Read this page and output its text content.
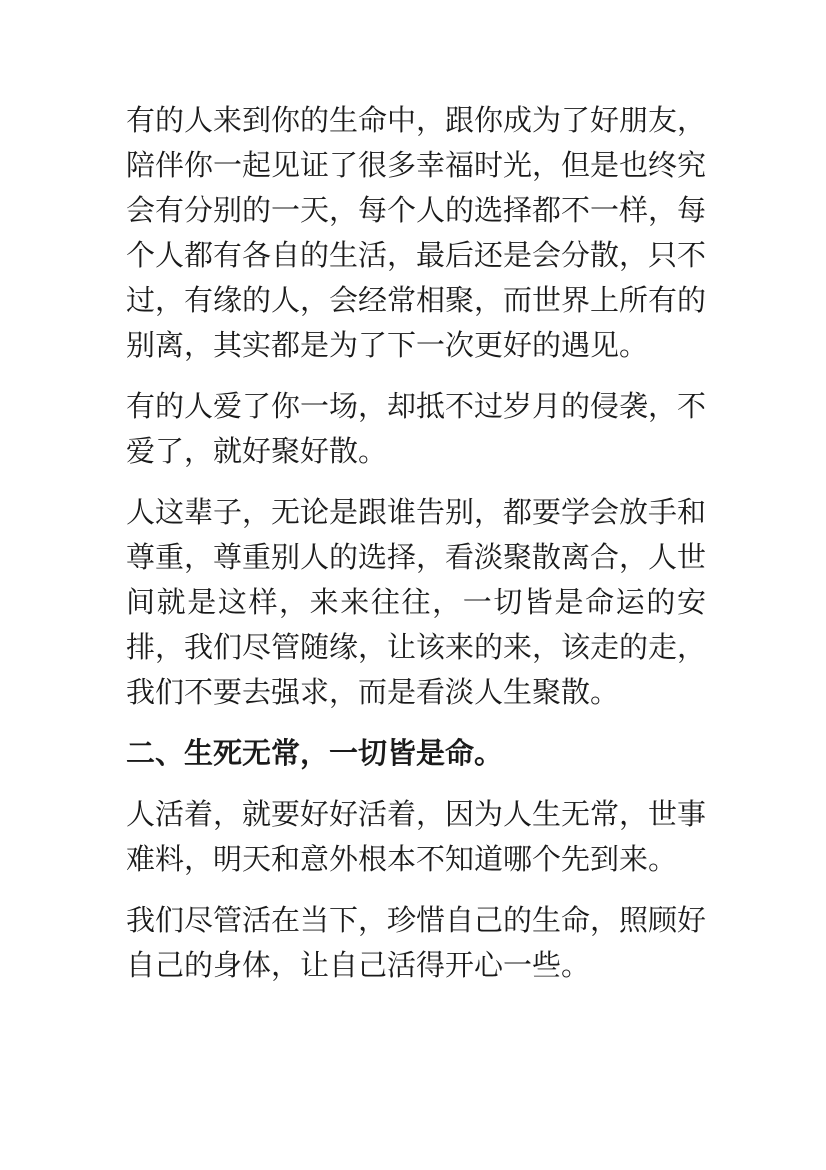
有的人来到你的生命中，跟你成为了好朋友，陪伴你一起见证了很多幸福时光，但是也终究会有分别的一天，每个人的选择都不一样，每个人都有各自的生活，最后还是会分散，只不过，有缘的人，会经常相聚，而世界上所有的别离，其实都是为了下一次更好的遇见。

有的人爱了你一场，却抵不过岁月的侵袭，不爱了，就好聚好散。

人这辈子，无论是跟谁告别，都要学会放手和尊重，尊重别人的选择，看淡聚散离合，人世间就是这样，来来往往，一切皆是命运的安排，我们尽管随缘，让该来的来，该走的走，我们不要去强求，而是看淡人生聚散。

二、生死无常，一切皆是命。

人活着，就要好好活着，因为人生无常，世事难料，明天和意外根本不知道哪个先到来。

我们尽管活在当下，珍惜自己的生命，照顾好自己的身体，让自己活得开心一些。
